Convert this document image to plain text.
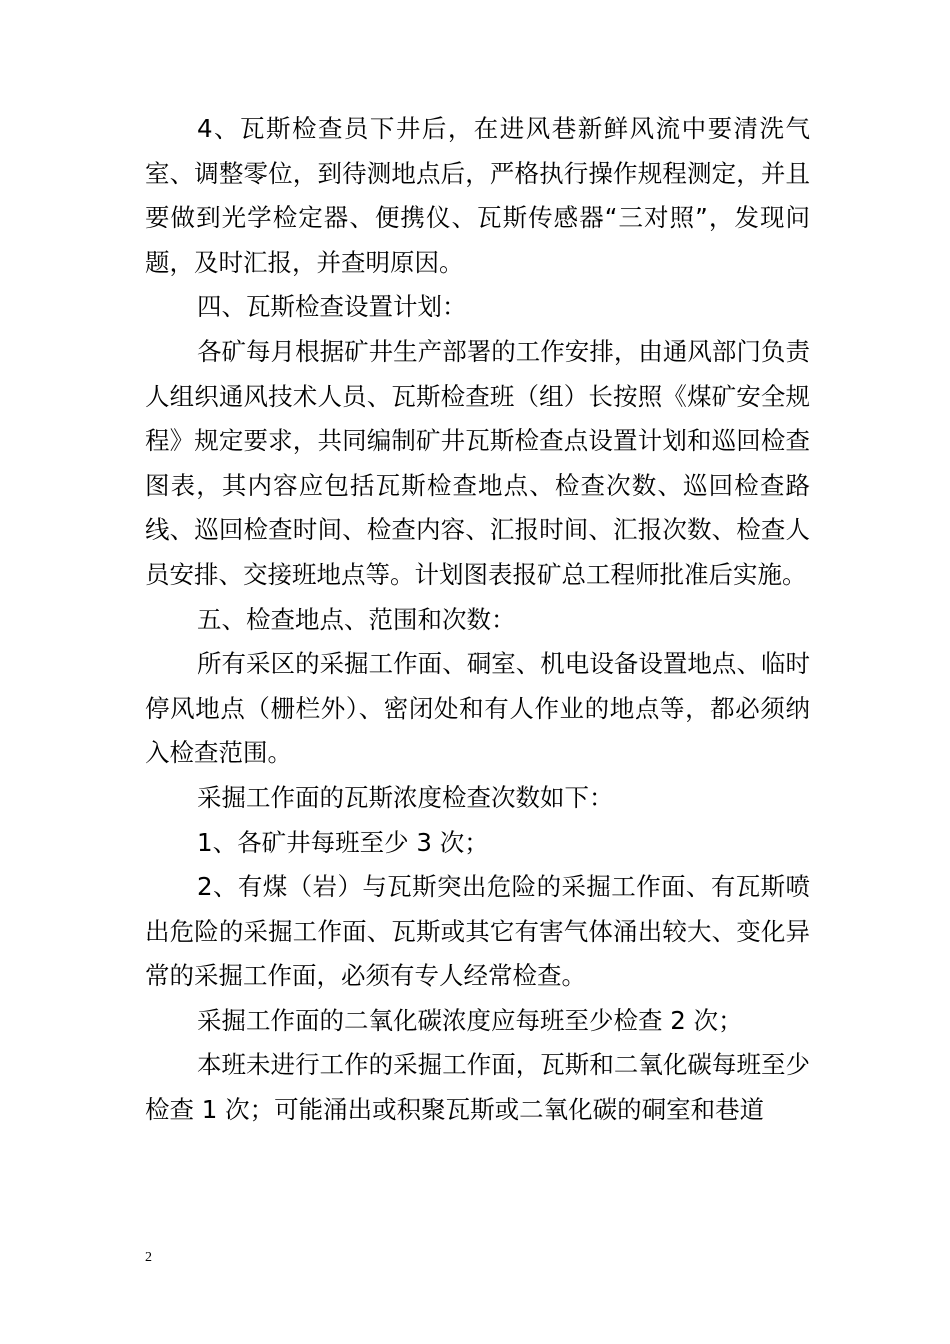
4、瓦斯检查员下井后，在进风巷新鲜风流中要清洗气室、调整零位，到待测地点后，严格执行操作规程测定，并且要做到光学检定器、便携仪、瓦斯传感器“三对照”，发现问题，及时汇报，并查明原因。

四、瓦斯检查设置计划：

各矿每月根据矿井生产部署的工作安排，由通风部门负责人组织通风技术人员、瓦斯检查班（组）长按照《煤矿安全规程》规定要求，共同编制矿井瓦斯检查点设置计划和巡回检查图表，其内容应包括瓦斯检查地点、检查次数、巡回检查路线、巡回检查时间、检查内容、汇报时间、汇报次数、检查人员安排、交接班地点等。计划图表报矿总工程师批准后实施。

五、检查地点、范围和次数：

所有采区的采掘工作面、硐室、机电设备设置地点、临时停风地点（栅栏外）、密闭处和有人作业的地点等，都必须纳入检查范围。

采掘工作面的瓦斯浓度检查次数如下：

1、各矿井每班至少 3 次；

2、有煤（岩）与瓦斯突出危险的采掘工作面、有瓦斯喷出危险的采掘工作面、瓦斯或其它有害气体涌出较大、变化异常的采掘工作面，必须有专人经常检查。

采掘工作面的二氧化碳浓度应每班至少检查 2 次；

本班未进行工作的采掘工作面，瓦斯和二氧化碳每班至少检查 1 次；可能涌出或积聚瓦斯或二氧化碳的硐室和巷道

2
